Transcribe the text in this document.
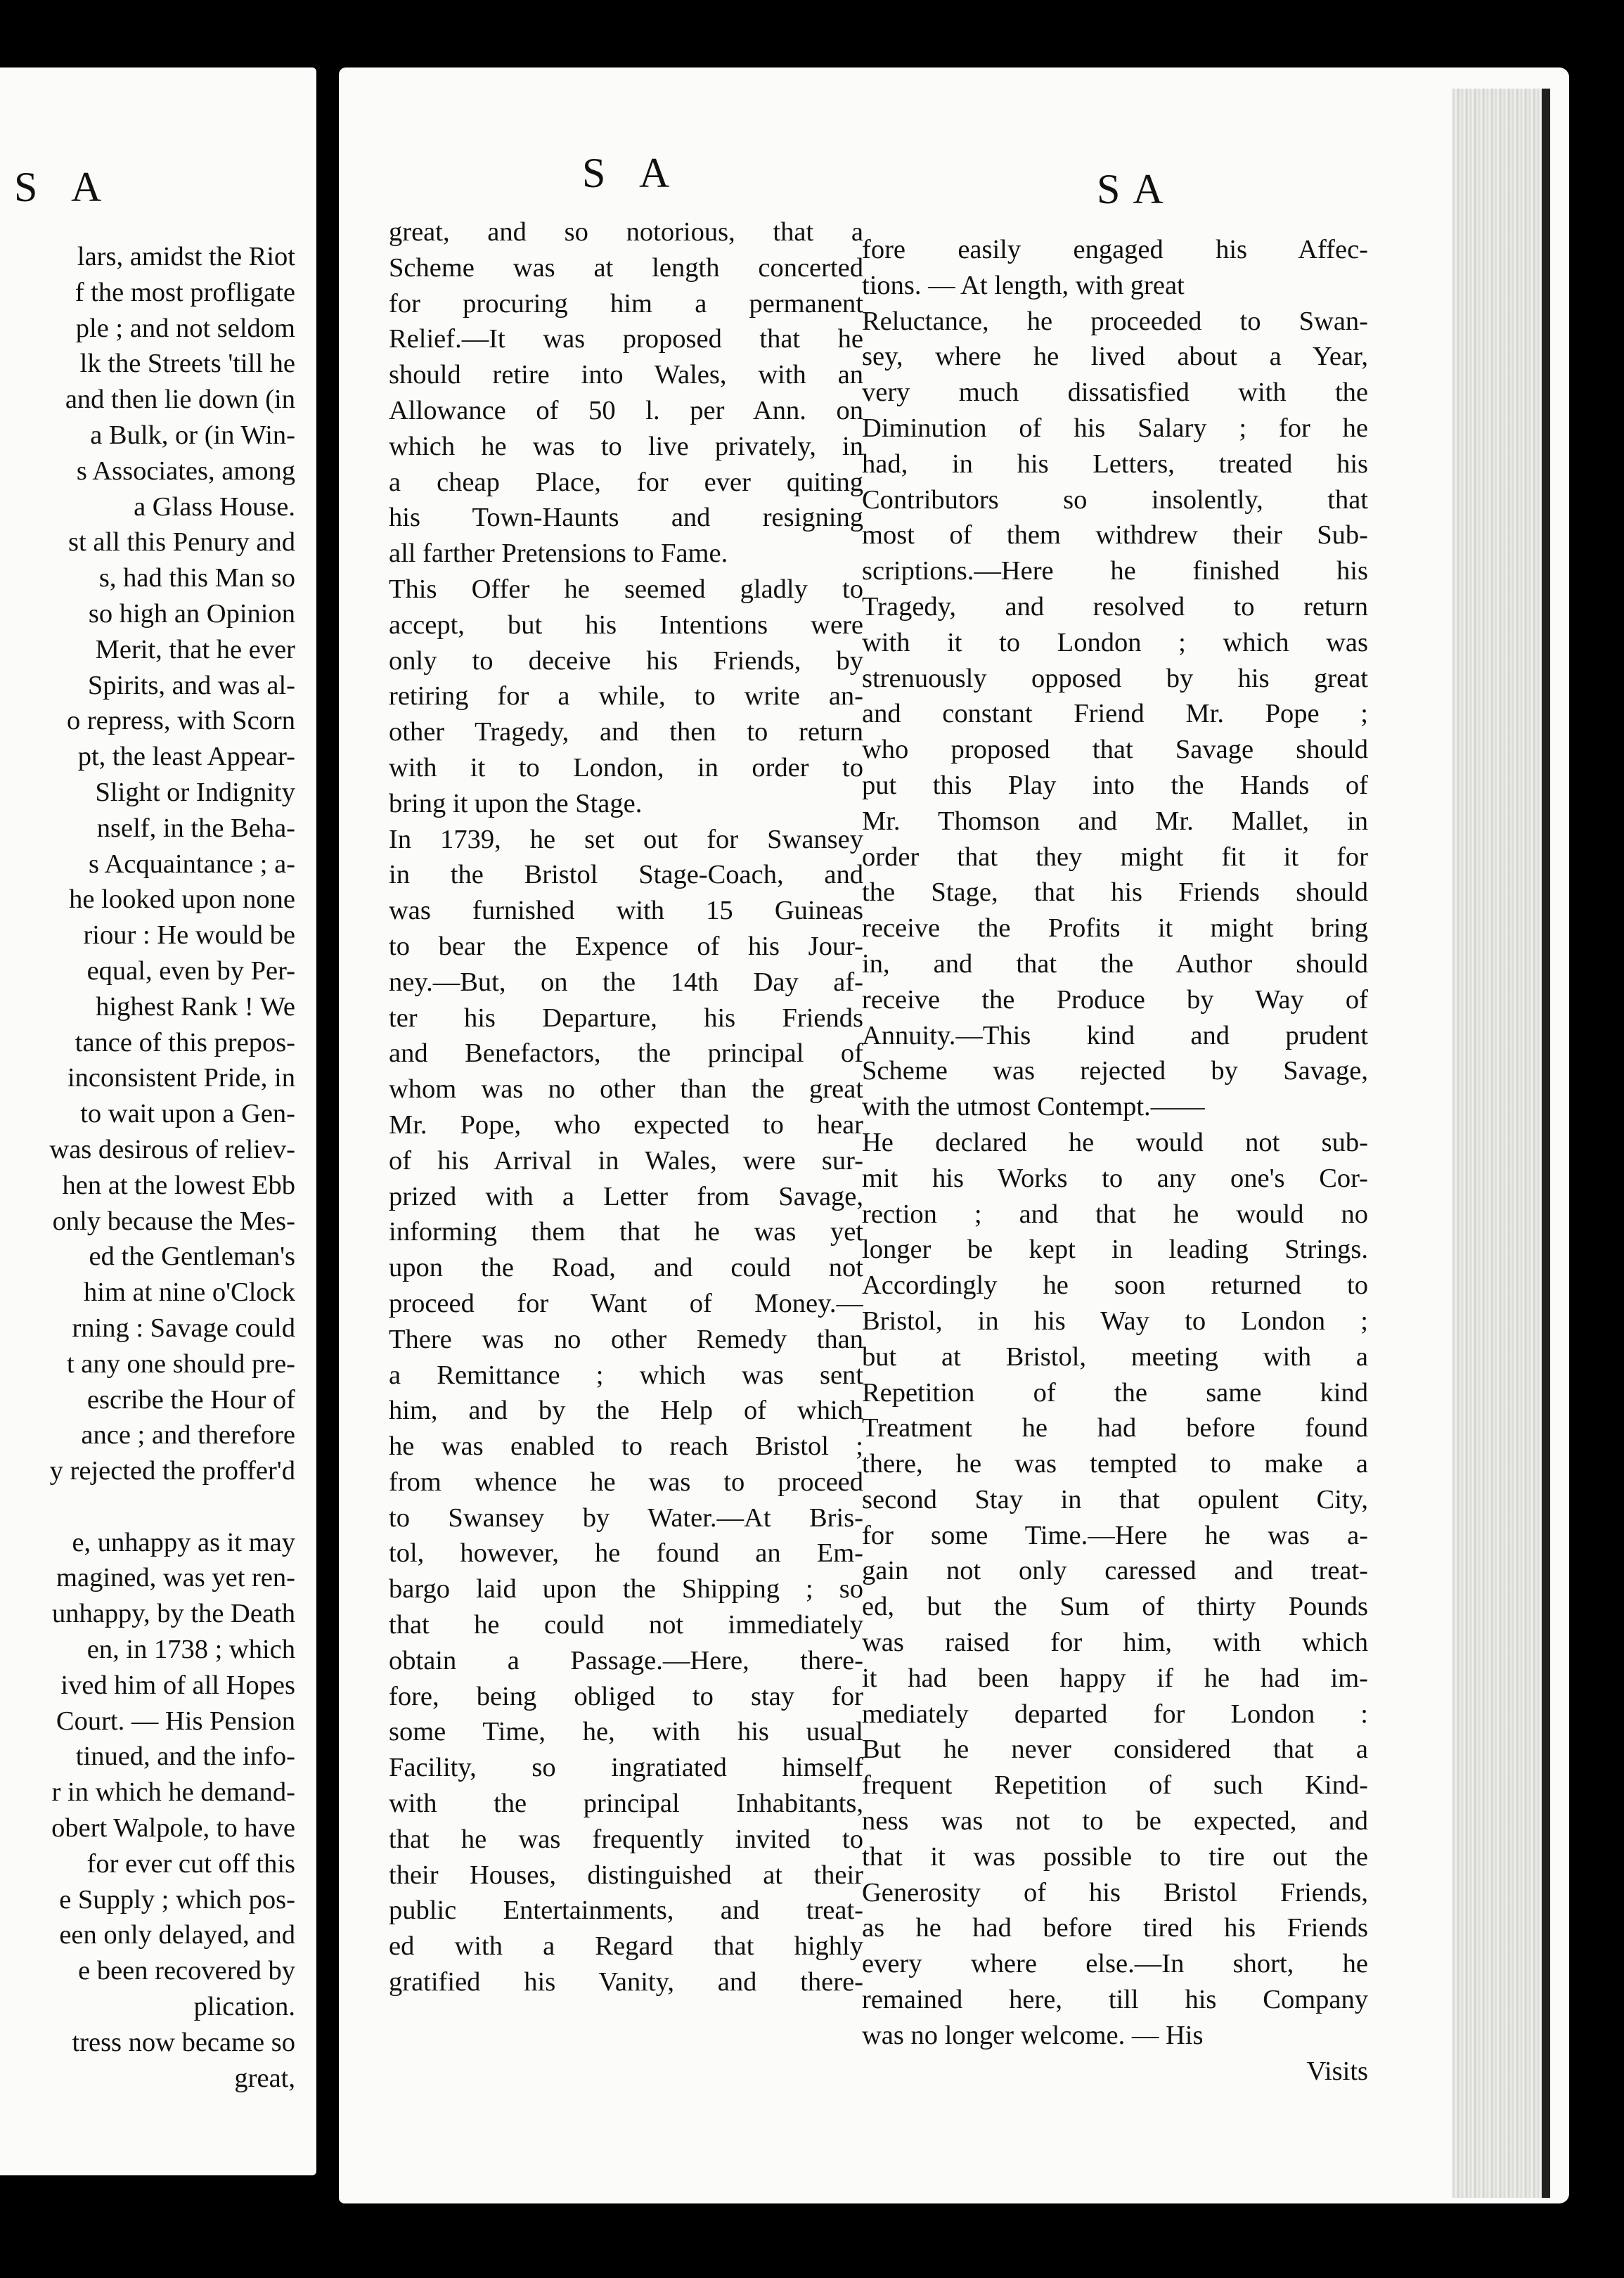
S A	S A	SA
lars, amidst the Riot
f the most profligate
ple ; and not seldom
lk the Streets 'till he
and then lie down (in
a Bulk, or (in Win-
s Associates, among
a Glass House.
st all this Penury and
s, had this Man so
so high an Opinion
Merit, that he ever
Spirits, and was al-
o repress, with Scorn
pt, the least Appear-
Slight or Indignity
nself, in the Beha-
s Acquaintance ; a-
he looked upon none
riour : He would be
equal, even by Per-
highest Rank ! We
tance of this prepos-
inconsistent Pride, in
to wait upon a Gen-
was desirous of reliev-
hen at the lowest Ebb
only because the Mes-
ed the Gentleman's
him at nine o'Clock
rning : Savage could
t any one should pre-
escribe the Hour of
ance ; and therefore
y rejected the proffer'd
e, unhappy as it may
magined, was yet ren-
unhappy, by the Death
en, in 1738 ; which
ived him of all Hopes
Court. — His Pension
tinued, and the info-
r in which he demand-
obert Walpole, to have
for ever cut off this
e Supply ; which pos-
een only delayed, and
e been recovered by
plication.
tress now became so
great,
great, and so notorious, that a
Scheme was at length concerted
for procuring him a permanent
Relief.—It was proposed that he
should retire into Wales, with an
Allowance of 50 l. per Ann. on
which he was to live privately, in
a cheap Place, for ever quiting
his Town-Haunts and resigning
all farther Pretensions to Fame.
This Offer he seemed gladly to
accept, but his Intentions were
only to deceive his Friends, by
retiring for a while, to write an-
other Tragedy, and then to return
with it to London, in order to
bring it upon the Stage.
In 1739, he set out for Swansey
in the Bristol Stage-Coach, and
was furnished with 15 Guineas
to bear the Expence of his Jour-
ney.—But, on the 14th Day af-
ter his Departure, his Friends
and Benefactors, the principal of
whom was no other than the great
Mr. Pope, who expected to hear
of his Arrival in Wales, were sur-
prized with a Letter from Savage,
informing them that he was yet
upon the Road, and could not
proceed for Want of Money.—
There was no other Remedy than
a Remittance ; which was sent
him, and by the Help of which
he was enabled to reach Bristol ;
from whence he was to proceed
to Swansey by Water.—At Bris-
tol, however, he found an Em-
bargo laid upon the Shipping ; so
that he could not immediately
obtain a Passage.—Here, there-
fore, being obliged to stay for
some Time, he, with his usual
Facility, so ingratiated himself
with the principal Inhabitants,
that he was frequently invited to
their Houses, distinguished at their
public Entertainments, and treat-
ed with a Regard that highly
gratified his Vanity, and there-
fore easily engaged his Affec-
tions. — At length, with great
Reluctance, he proceeded to Swan-
sey, where he lived about a Year,
very much dissatisfied with the
Diminution of his Salary ; for he
had, in his Letters, treated his
Contributors so insolently, that
most of them withdrew their Sub-
scriptions.—Here he finished his
Tragedy, and resolved to return
with it to London ; which was
strenuously opposed by his great
and constant Friend Mr. Pope ;
who proposed that Savage should
put this Play into the Hands of
Mr. Thomson and Mr. Mallet, in
order that they might fit it for
the Stage, that his Friends should
receive the Profits it might bring
in, and that the Author should
receive the Produce by Way of
Annuity.—This kind and prudent
Scheme was rejected by Savage,
with the utmost Contempt.——
He declared he would not sub-
mit his Works to any one's Cor-
rection ; and that he would no
longer be kept in leading Strings.
Accordingly he soon returned to
Bristol, in his Way to London ;
but at Bristol, meeting with a
Repetition of the same kind
Treatment he had before found
there, he was tempted to make a
second Stay in that opulent City,
for some Time.—Here he was a-
gain not only caressed and treat-
ed, but the Sum of thirty Pounds
was raised for him, with which
it had been happy if he had im-
mediately departed for London :
But he never considered that a
frequent Repetition of such Kind-
ness was not to be expected, and
that it was possible to tire out the
Generosity of his Bristol Friends,
as he had before tired his Friends
every where else.—In short, he
remained here, till his Company
was no longer welcome. — His
Visits
